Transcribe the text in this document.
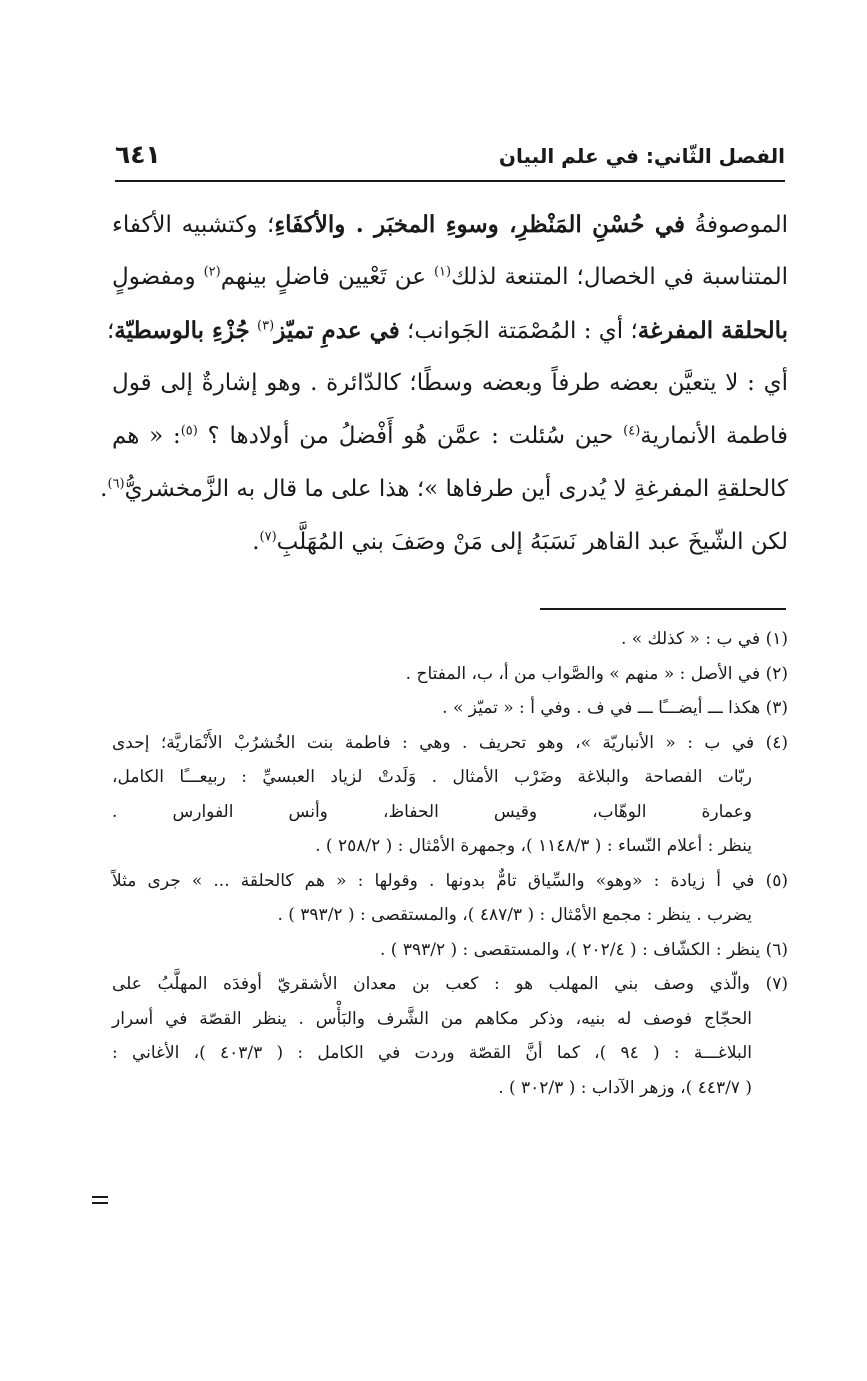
الفصل الثّاني: في علم البيان
٦٤١
الموصوفةُ في حُسْنِ المَنْظرِ، وسوءِ المخبَر . والأكفَاءِ؛ وكتشبيه الأكفاء
المتناسبة في الخصال؛ المتنعة لذلك$^{(١)}$ عن تَعْيين فاضلٍ بينهم$^{(٢)}$ ومفضولٍ
بالحلقة المفرغة؛ أي : المُصْمَتة الجَوانب؛ في عدمِ تميّز$^{(٣)}$ جُزْءِ بالوسطيّة؛
أي : لا يتعيَّن بعضه طرفاً وبعضه وسطًا؛ كالدّائرة . وهو إشارةٌ إلى قول
فاطمة الأنمارية$^{(٤)}$ حين سُئلت : عمَّن هُو أَفْضلُ من أولادها ؟ $^{(٥)}$: « هم
كالحلقةِ المفرغةِ لا يُدرى أين طرفاها »؛ هذا على ما قال به الزَّمخشريُّ$^{(٦)}$.
لكن الشّيخَ عبد القاهر نَسَبَهُ إلى مَنْ وصَفَ بني المُهَلَّبِ$^{(٧)}$.
(١) في ب : « كذلك » .
(٢) في الأصل : « منهم » والصَّواب من أ، ب، المفتاح .
(٣) هكذا ـــ أيضـــًا ـــ في ف . وفي أ : « تميّز » .
(٤) في ب : « الأنباريّة »، وهو تحريف . وهي : فاطمة بنت الخُشرُبْ الأَنْمَاريَّة؛ إحدى
ربّات الفصاحة والبلاغة وضَرْب الأمثال . وَلَدتْ لزياد العبسيِّ : ربيعـــًا الكامل،
وعمارة الوهّاب، وقيس الحفاظ، وأنس الفوارس .
ينظر : أعلام النّساء : ( ١١٤٨/٣ )، وجمهرة الأمْثال : ( ٢٥٨/٢ ) .
(٥) في أ زيادة : «وهو» والسِّياق تامٌّ بدونها . وقولها : « هم كالحلقة ... » جرى مثلاً
يضرب . ينظر : مجمع الأمْثال : ( ٤٨٧/٣ )، والمستقصى : ( ٣٩٣/٢ ) .
(٦) ينظر : الكشّاف : ( ٢٠٢/٤ )، والمستقصى : ( ٣٩٣/٢ ) .
(٧) والّذي وصف بني المهلب هو : كعب بن معدان الأشقريّ أوفدَه المهلَّبُ على
الحجّاج فوصف له بنيه، وذكر مكاهم من الشَّرف والبَأْس . ينظر القصّة في أسرار
البلاغـــة : ( ٩٤ )، كما أنَّ القصّة وردت في الكامل : ( ٤٠٣/٣ )، الأغاني :
( ٤٤٣/٧ )، وزهر الآداب : ( ٣٠٢/٣ ) .
